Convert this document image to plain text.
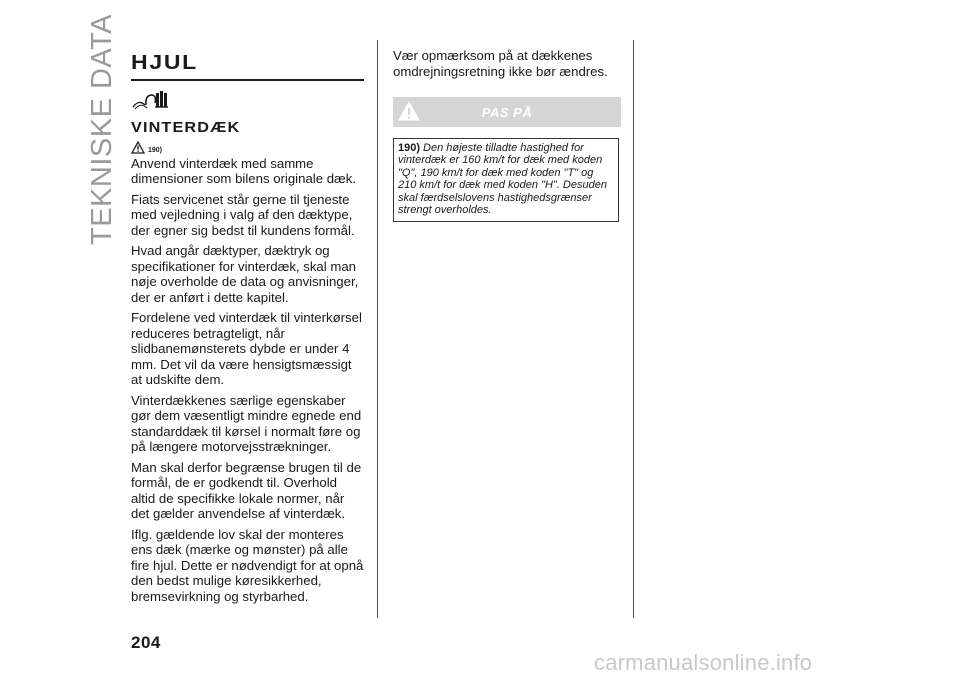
TEKNISKE DATA HJUL
VINTERDÆK
190)

Anvend vinterdæk med samme dimensioner som bilens originale dæk.

Fiats servicenet står gerne til tjeneste med vejledning i valg af den dæktype, der egner sig bedst til kundens formål.

Hvad angår dæktyper, dæktryk og specifikationer for vinterdæk, skal man nøje overholde de data og anvisninger, der er anført i dette kapitel.

Fordelene ved vinterdæk til vinterkørsel reduceres betragteligt, når slidbanemønsterets dybde er under 4 mm. Det vil da være hensigtsmæssigt at udskifte dem.

Vinterdækkenes særlige egenskaber gør dem væsentligt mindre egnede end standarddæk til kørsel i normalt føre og på længere motorvejsstrækninger.

Man skal derfor begrænse brugen til de formål, de er godkendt til. Overhold altid de specifikke lokale normer, når det gælder anvendelse af vinterdæk.

Iflg. gældende lov skal der monteres ens dæk (mærke og mønster) på alle fire hjul. Dette er nødvendigt for at opnå den bedst mulige køresikkerhed, bremsevirkning og styrbarhed.

Vær opmærksom på at dækkenes omdrejningsretning ikke bør ændres.

PAS PÅ
190) Den højeste tilladte hastighed for vinterdæk er 160 km/t for dæk med koden "Q", 190 km/t for dæk med koden "T" og 210 km/t for dæk med koden "H". Desuden skal færdselslovens hastighedsgrænser strengt overholdes.
204
carmanualsonline.info
